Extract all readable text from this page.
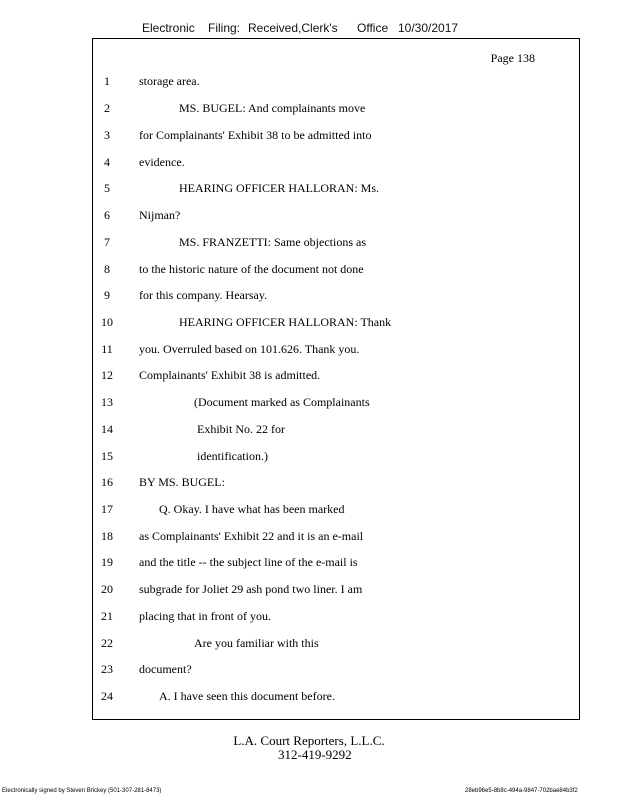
Electronic Filing: Received,Clerk's Office 10/30/2017
Page 138
1	storage area.
2	MS. BUGEL: And complainants move
3	for Complainants' Exhibit 38 to be admitted into
4	evidence.
5	HEARING OFFICER HALLORAN: Ms.
6	Nijman?
7	MS. FRANZETTI: Same objections as
8	to the historic nature of the document not done
9	for this company. Hearsay.
10	HEARING OFFICER HALLORAN: Thank
11	you. Overruled based on 101.626. Thank you.
12	Complainants' Exhibit 38 is admitted.
13	(Document marked as Complainants
14	Exhibit No. 22 for
15	identification.)
16	BY MS. BUGEL:
17	Q. Okay. I have what has been marked
18	as Complainants' Exhibit 22 and it is an e-mail
19	and the title -- the subject line of the e-mail is
20	subgrade for Joliet 29 ash pond two liner. I am
21	placing that in front of you.
22	Are you familiar with this
23	document?
24	A. I have seen this document before.
L.A. Court Reporters, L.L.C.
312-419-9292
Electronically signed by Steven Brickey (501-307-281-8473)	28eb96e5-8b8c-494a-9847-702bae84b3f2
